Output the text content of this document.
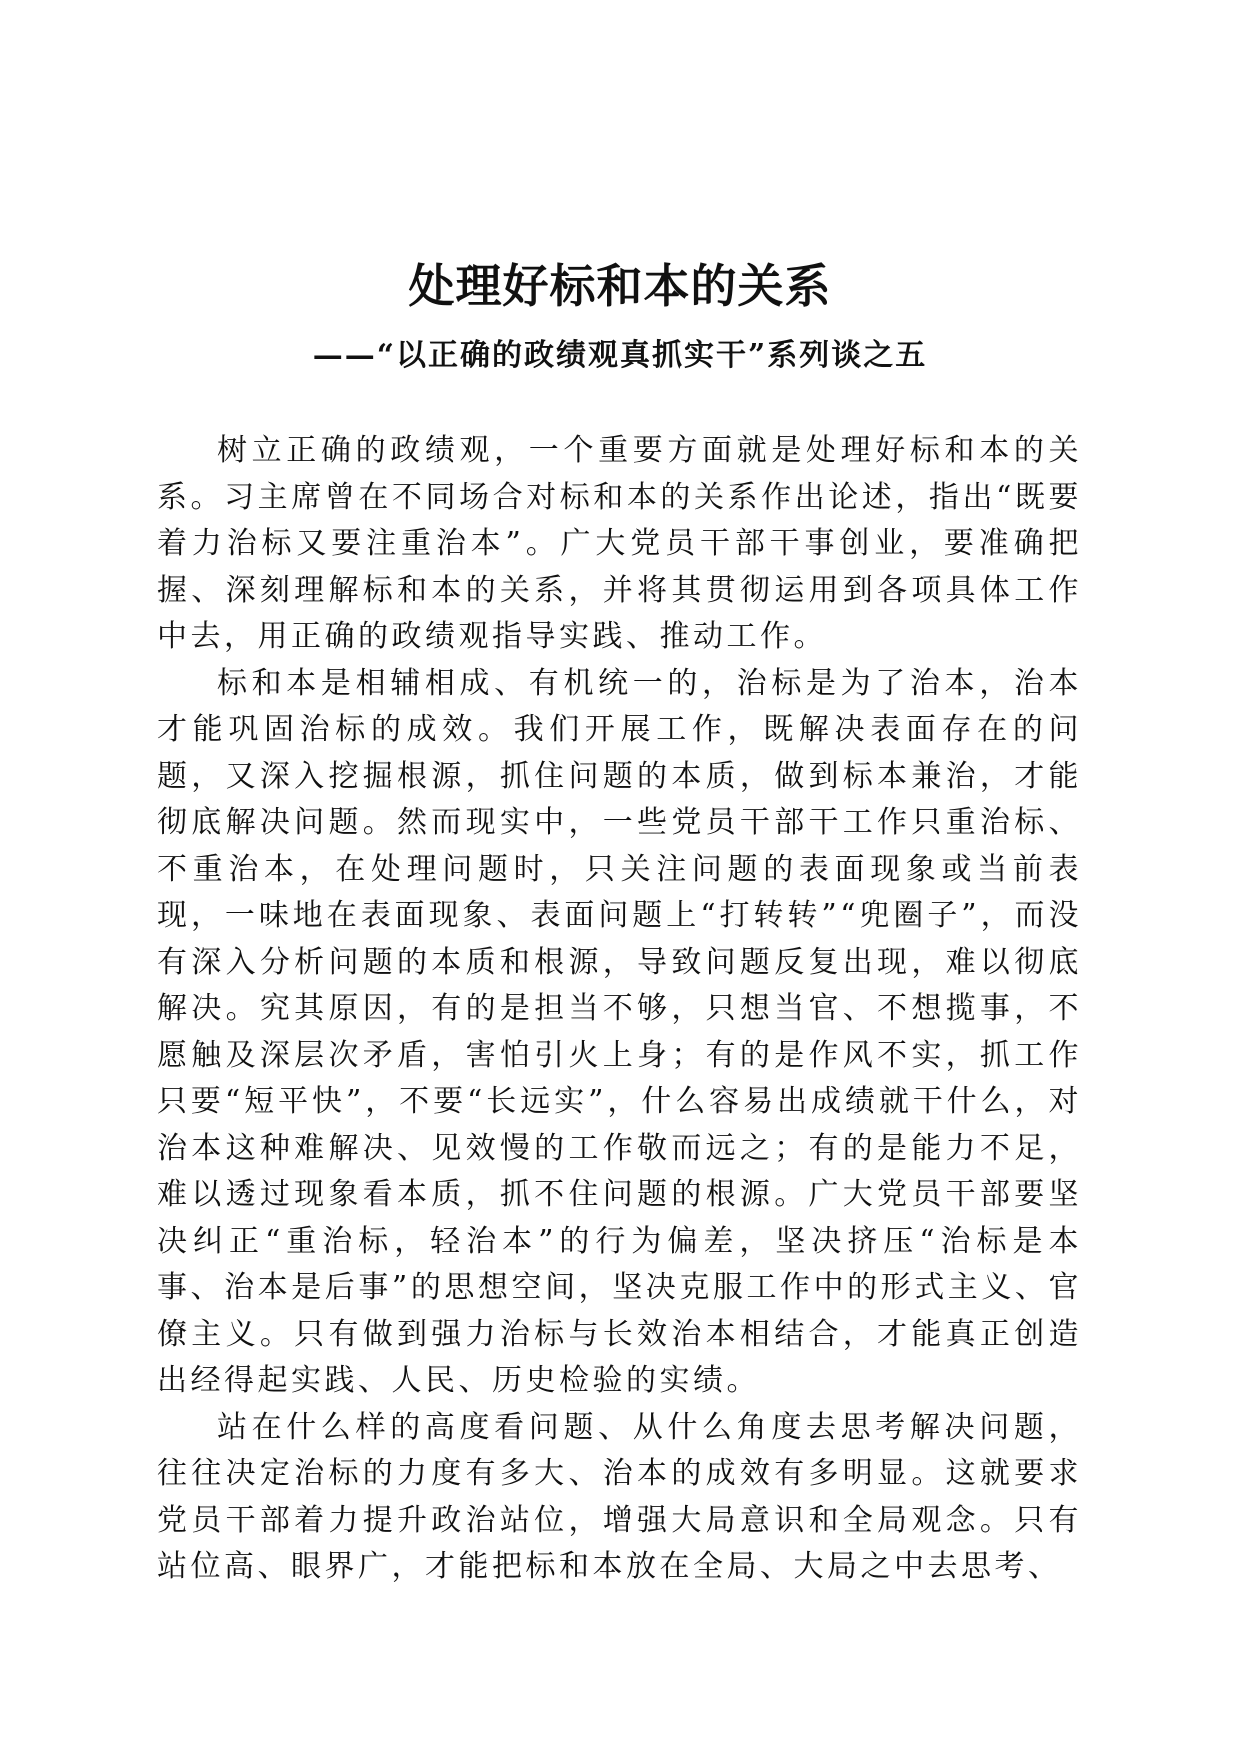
处理好标和本的关系
——“以正确的政绩观真抓实干”系列谈之五

树立正确的政绩观，一个重要方面就是处理好标和本的关系。习主席曾在不同场合对标和本的关系作出论述，指出“既要着力治标又要注重治本”。广大党员干部干事创业，要准确把握、深刻理解标和本的关系，并将其贯彻运用到各项具体工作中去，用正确的政绩观指导实践、推动工作。

标和本是相辅相成、有机统一的，治标是为了治本，治本才能巩固治标的成效。我们开展工作，既解决表面存在的问题，又深入挖掘根源，抓住问题的本质，做到标本兼治，才能彻底解决问题。然而现实中，一些党员干部干工作只重治标、不重治本，在处理问题时，只关注问题的表面现象或当前表现，一味地在表面现象、表面问题上“打转转”“兜圈子”，而没有深入分析问题的本质和根源，导致问题反复出现，难以彻底解决。究其原因，有的是担当不够，只想当官、不想揽事，不愿触及深层次矛盾，害怕引火上身；有的是作风不实，抓工作只要“短平快”，不要“长远实”，什么容易出成绩就干什么，对治本这种难解决、见效慢的工作敬而远之；有的是能力不足，难以透过现象看本质，抓不住问题的根源。广大党员干部要坚决纠正“重治标，轻治本”的行为偏差，坚决挤压“治标是本事、治本是后事”的思想空间，坚决克服工作中的形式主义、官僚主义。只有做到强力治标与长效治本相结合，才能真正创造出经得起实践、人民、历史检验的实绩。

站在什么样的高度看问题、从什么角度去思考解决问题，往往决定治标的力度有多大、治本的成效有多明显。这就要求党员干部着力提升政治站位，增强大局意识和全局观念。只有站位高、眼界广，才能把标和本放在全局、大局之中去思考、
